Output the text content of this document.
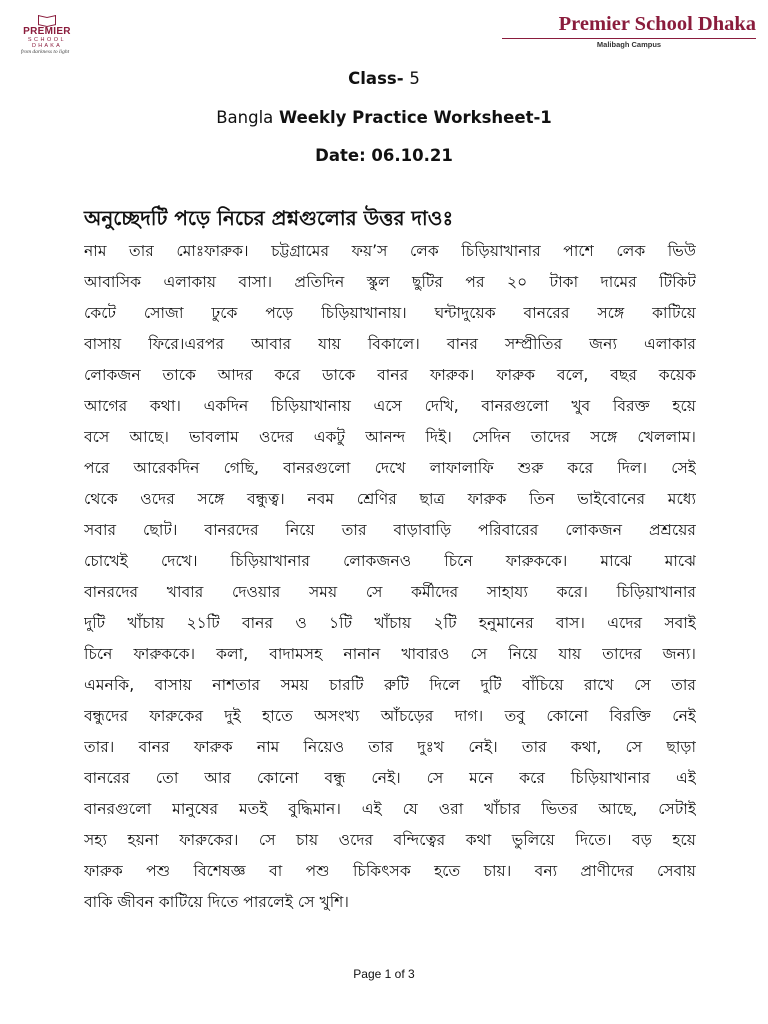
PREMIER
SCHOOL
DHAKA
from darkness to light
Premier School Dhaka
Malibagh Campus
Class- 5
Bangla Weekly Practice Worksheet-1
Date: 06.10.21
অনুচ্ছেদটি পড়ে নিচের প্রশ্নগুলোর উত্তর দাওঃ
নাম তার মোঃফারুক। চট্টগ্রামের ফয়’স লেক চিড়িয়াখানার পাশে লেক ভিউ
আবাসিক এলাকায় বাসা। প্রতিদিন স্কুল ছুটির পর ২০ টাকা দামের টিকিট
কেটে সোজা ঢুকে পড়ে চিড়িয়াখানায়। ঘন্টাদুয়েক বানরের সঙ্গে কাটিয়ে
বাসায় ফিরে।এরপর আবার যায় বিকালে। বানর সম্প্রীতির জন্য এলাকার
লোকজন তাকে আদর করে ডাকে বানর ফারুক। ফারুক বলে, বছর কয়েক
আগের কথা। একদিন চিড়িয়াখানায় এসে দেখি, বানরগুলো খুব বিরক্ত হয়ে
বসে আছে। ভাবলাম ওদের একটু আনন্দ দিই। সেদিন তাদের সঙ্গে খেললাম।
পরে আরেকদিন গেছি, বানরগুলো দেখে লাফালাফি শুরু করে দিল। সেই
থেকে ওদের সঙ্গে বন্ধুত্ব। নবম শ্রেণির ছাত্র ফারুক তিন ভাইবোনের মধ্যে
সবার ছোট। বানরদের নিয়ে তার বাড়াবাড়ি পরিবারের লোকজন প্রশ্রয়ের
চোখেই দেখে। চিড়িয়াখানার লোকজনও চিনে ফারুককে। মাঝে মাঝে
বানরদের খাবার দেওয়ার সময় সে কর্মীদের সাহায্য করে। চিড়িয়াখানার
দুটি খাঁচায় ২১টি বানর ও ১টি খাঁচায় ২টি হনুমানের বাস। এদের সবাই
চিনে ফারুককে। কলা, বাদামসহ নানান খাবারও সে নিয়ে যায় তাদের জন্য।
এমনকি, বাসায় নাশতার সময় চারটি রুটি দিলে দুটি বাঁচিয়ে রাখে সে তার
বন্ধুদের ফারুকের দুই হাতে অসংখ্য আঁচড়ের দাগ। তবু কোনো বিরক্তি নেই
তার। বানর ফারুক নাম নিয়েও তার দুঃখ নেই। তার কথা, সে ছাড়া
বানরের তো আর কোনো বন্ধু নেই। সে মনে করে চিড়িয়াখানার এই
বানরগুলো মানুষের মতই বুদ্ধিমান। এই যে ওরা খাঁচার ভিতর আছে, সেটাই
সহ্য হয়না ফারুকের। সে চায় ওদের বন্দিত্বের কথা ভুলিয়ে দিতে। বড় হয়ে
ফারুক পশু বিশেষজ্ঞ বা পশু চিকিৎসক হতে চায়। বন্য প্রাণীদের সেবায়
বাকি জীবন কাটিয়ে দিতে পারলেই সে খুশি।
Page 1 of 3
